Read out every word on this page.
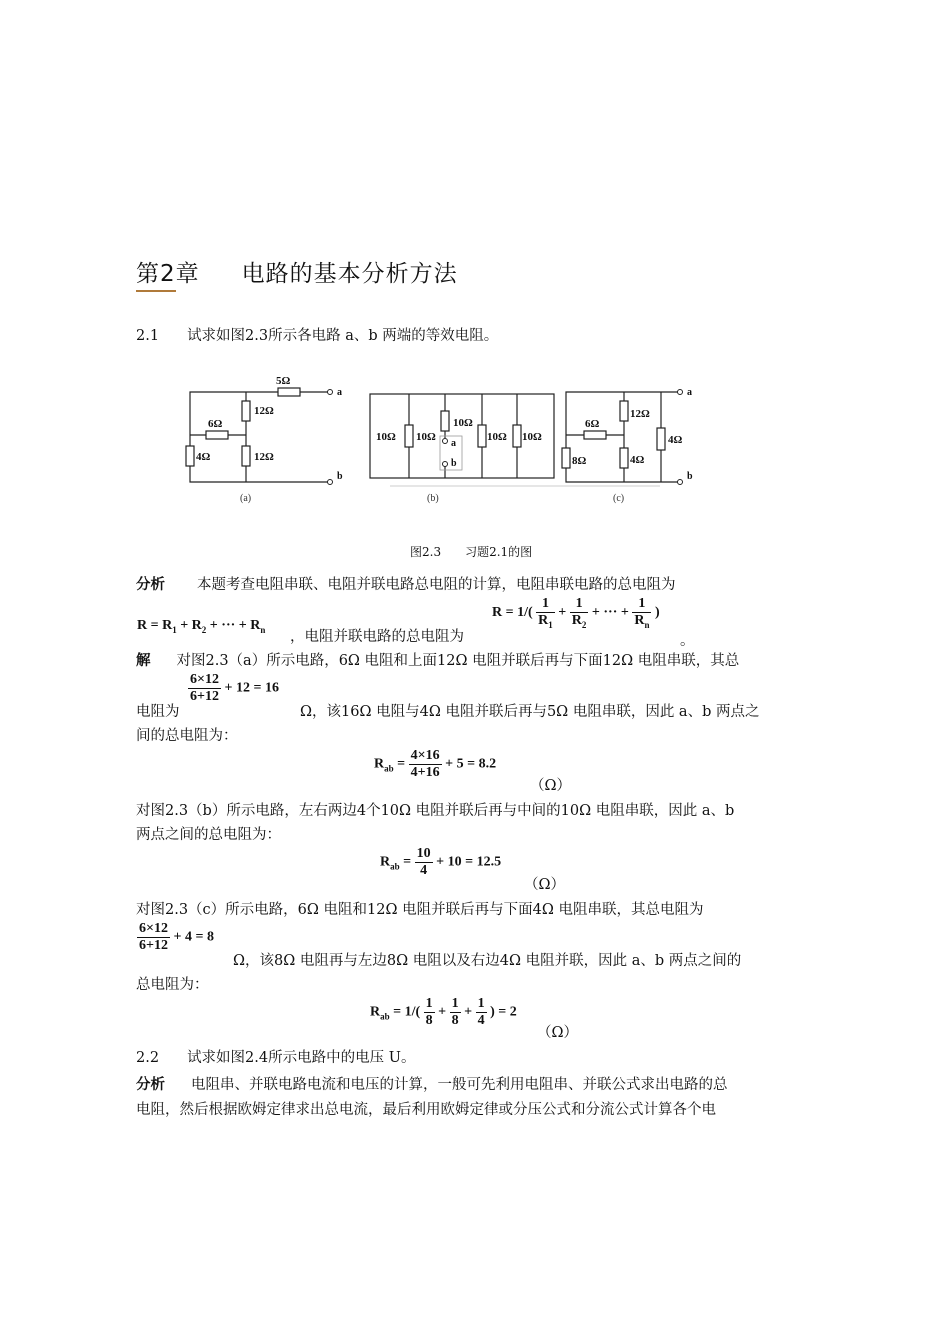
第2章 电路的基本分析方法
2.1 试求如图2.3所示各电路 a、b 两端的等效电阻。
5Ω
12Ω
6Ω
4Ω	12Ω
a
b
10Ω 10Ω
10Ω
10Ω 10Ω
a
b
12Ω
6Ω
4Ω
8Ω
4Ω
a
b
(a)	(b)	(c)
图2.3　　习题2.1的图
分析 本题考查电阻串联、电阻并联电路总电阻的计算，电阻串联电路的总电阻为
$R = R_1 + R_2$ + ··· + $R_n$ ，电阻并联电路的总电阻为
$R = 1/( \frac{1}{R_1} + \frac{1}{R_2}$ + ··· + $\frac{1}{R_n}$ )
。
解 对图2.3（a）所示电路，6Ω 电阻和上面12Ω 电阻并联后再与下面12Ω 电阻串联，其总
$\frac{6\times 12}{6+12} + 12 = 16$
电阻为	Ω，该16Ω 电阻与4Ω 电阻并联后再与5Ω 电阻串联，因此 a、b 两点之
间的总电阻为：
$R_{ab} = \frac{4\times 16}{4+16} + 5 = 8.2$
（Ω）
对图2.3（b）所示电路，左右两边4个10Ω 电阻并联后再与中间的10Ω 电阻串联，因此 a、b
两点之间的总电阻为：
$R_{ab} = \frac{10}{4} + 10 = 12.5$
（Ω）
对图2.3（c）所示电路，6Ω 电阻和12Ω 电阻并联后再与下面4Ω 电阻串联，其总电阻为
$\frac{6\times 12}{6+12} + 4 = 8$
Ω，该8Ω 电阻再与左边8Ω 电阻以及右边4Ω 电阻并联，因此 a、b 两点之间的
总电阻为：
$R_{ab} = 1/( \frac{1}{8} + \frac{1}{8} + \frac{1}{4}$ ) = 2
（Ω）
2.2 试求如图2.4所示电路中的电压 U。
分析 电阻串、并联电路电流和电压的计算，一般可先利用电阻串、并联公式求出电路的总
电阻，然后根据欧姆定律求出总电流，最后利用欧姆定律或分压公式和分流公式计算各个电
